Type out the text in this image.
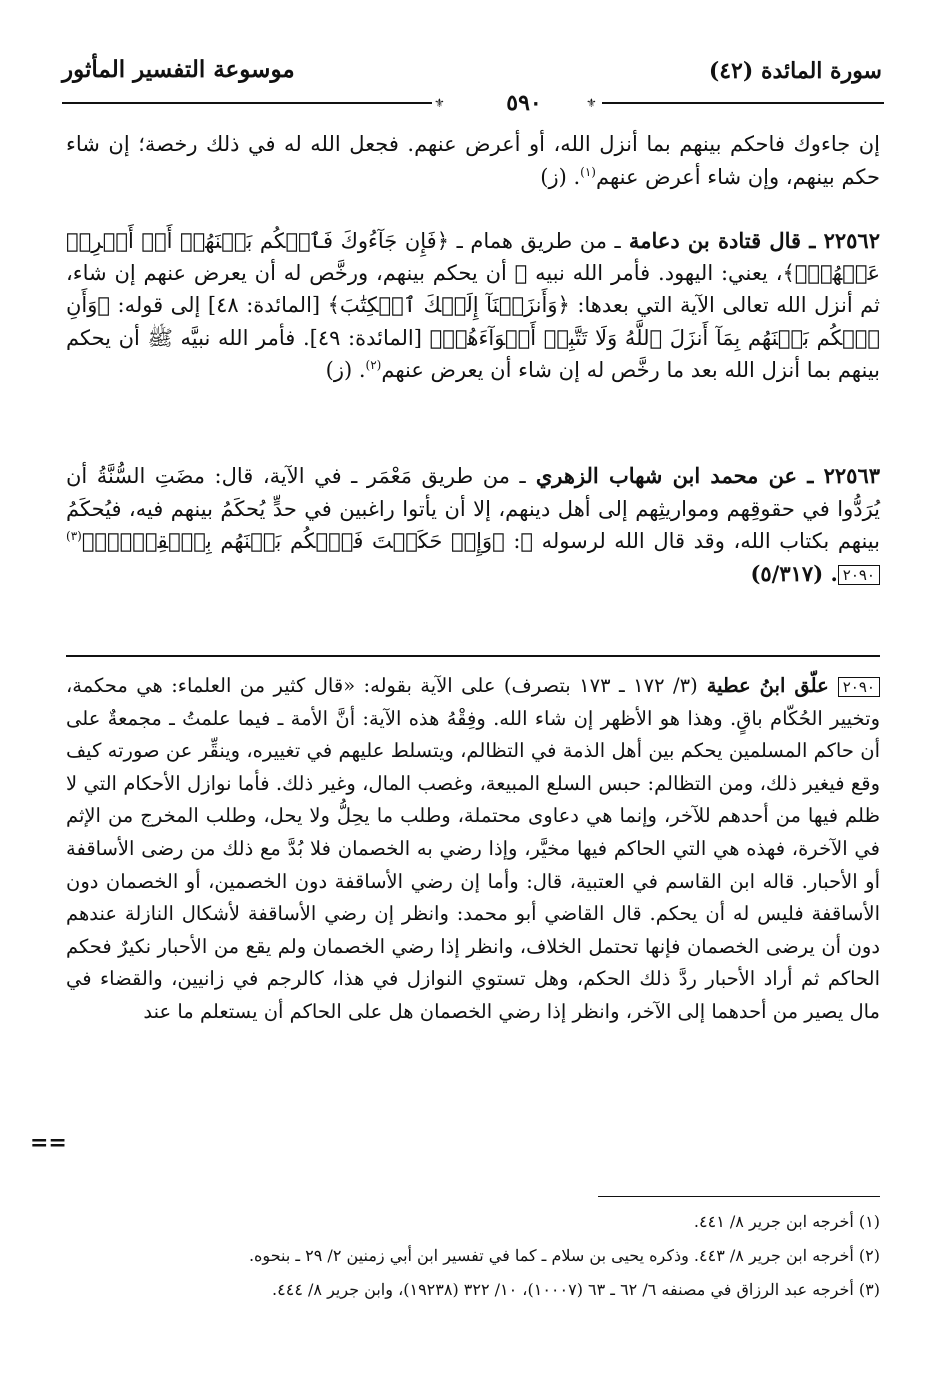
سورة المائدة (٤٢)
موسوعة التفسير المأثور
⚜	⚜
٥٩٠
إن جاءوك فاحكم بينهم بما أنزل الله، أو أعرض عنهم. فجعل الله له في ذلك رخصة؛ إن شاء حكم بينهم، وإن شاء أعرض عنهم$^{(١)}$. (ز)
٢٢٥٦٢ ـ قال قتادة بن دعامة ـ من طريق همام ـ ﴿فَإِن جَآءُوكَ فَٱحۡكُم بَيۡنَهُمۡ أَوۡ أَعۡرِضۡ عَنۡهُمۡۖ﴾، يعني: اليهود. فأمر الله نبيه ﷺ أن يحكم بينهم، ورخَّص له أن يعرض عنهم إن شاء، ثم أنزل الله تعالى الآية التي بعدها: ﴿وَأَنزَلۡنَآ إِلَيۡكَ ٱلۡكِتَٰبَ﴾ [المائدة: ٤٨] إلى قوله: ﴿وَأَنِ ٱحۡكُم بَيۡنَهُم بِمَآ أَنزَلَ ٱللَّهُ وَلَا تَتَّبِعۡ أَهۡوَآءَهُمۡ﴾ [المائدة: ٤٩]. فأمر الله نبيَّه ﷺ أن يحكم بينهم بما أنزل الله بعد ما رخَّص له إن شاء أن يعرض عنهم$^{(٢)}$. (ز)
٢٢٥٦٣ ـ عن محمد ابن شهاب الزهري ـ من طريق مَعْمَر ـ في الآية، قال: مضَتِ السُّنَّةُ أن يُرَدُّوا في حقوقِهم ومواريثِهم إلى أهل دينهم، إلا أن يأتوا راغبين في حدٍّ يُحكَمُ بينهم فيه، فيُحكَمُ بينهم بكتاب الله، وقد قال الله لرسوله ﷺ: ﴿وَإِنۡ حَكَمۡتَ فَٱحۡكُم بَيۡنَهُم بِٱلۡقِسۡطِۚ﴾$^{(٣)}$٢٠٩٠. (٥/٣١٧)
٢٠٩٠ علّق ابنُ عطية (٣/ ١٧٢ ـ ١٧٣ بتصرف) على الآية بقوله: «قال كثير من العلماء: هي محكمة، وتخيير الحُكّام باقٍ. وهذا هو الأظهر إن شاء الله. وفِقْهُ هذه الآية: أنَّ الأمة ـ فيما علمتُ ـ مجمعةٌ على أن حاكم المسلمين يحكم بين أهل الذمة في التظالم، ويتسلط عليهم في تغييره، وينقِّر عن صورته كيف وقع فيغير ذلك، ومن التظالم: حبس السلع المبيعة، وغصب المال، وغير ذلك. فأما نوازل الأحكام التي لا ظلم فيها من أحدهم للآخر، وإنما هي دعاوى محتملة، وطلب ما يحِلُّ ولا يحل، وطلب المخرج من الإثم في الآخرة، فهذه هي التي الحاكم فيها مخيَّر، وإذا رضي به الخصمان فلا بُدَّ مع ذلك من رضى الأساقفة أو الأحبار. قاله ابن القاسم في العتبية، قال: وأما إن رضي الأساقفة دون الخصمين، أو الخصمان دون الأساقفة فليس له أن يحكم. قال القاضي أبو محمد: وانظر إن رضي الأساقفة لأشكال النازلة عندهم دون أن يرضى الخصمان فإنها تحتمل الخلاف، وانظر إذا رضي الخصمان ولم يقع من الأحبار نكيرٌ فحكم الحاكم ثم أراد الأحبار ردَّ ذلك الحكم، وهل تستوي النوازل في هذا، كالرجم في زانيين، والقضاء في مال يصير من أحدهما إلى الآخر، وانظر إذا رضي الخصمان هل على الحاكم أن يستعلم ما عند
==
(١) أخرجه ابن جرير ٨/ ٤٤١.
(٢) أخرجه ابن جرير ٨/ ٤٤٣. وذكره يحيى بن سلام ـ كما في تفسير ابن أبي زمنين ٢/ ٢٩ ـ بنحوه.
(٣) أخرجه عبد الرزاق في مصنفه ٦/ ٦٢ ـ ٦٣ (١٠٠٠٧)، ١٠/ ٣٢٢ (١٩٢٣٨)، وابن جرير ٨/ ٤٤٤.
